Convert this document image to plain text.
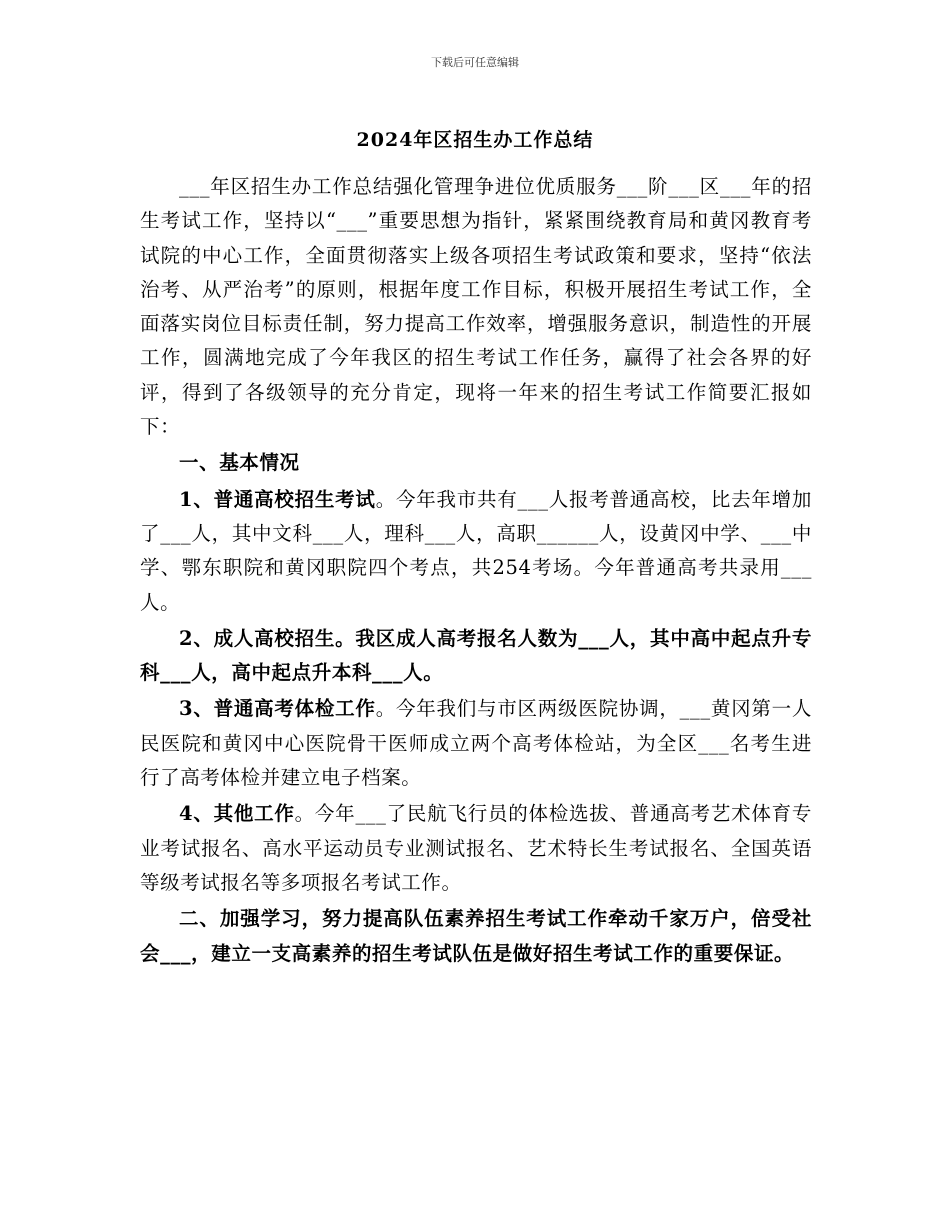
下载后可任意编辑
2024年区招生办工作总结

___年区招生办工作总结强化管理争进位优质服务___阶___区___年的招生考试工作，坚持以“___”重要思想为指针，紧紧围绕教育局和黄冈教育考试院的中心工作，全面贯彻落实上级各项招生考试政策和要求，坚持“依法治考、从严治考”的原则，根据年度工作目标，积极开展招生考试工作，全面落实岗位目标责任制，努力提高工作效率，增强服务意识，制造性的开展工作，圆满地完成了今年我区的招生考试工作任务，赢得了社会各界的好评，得到了各级领导的充分肯定，现将一年来的招生考试工作简要汇报如下：

一、基本情况

1、普通高校招生考试。今年我市共有___人报考普通高校，比去年增加了___人，其中文科___人，理科___人，高职______人，设黄冈中学、___中学、鄂东职院和黄冈职院四个考点，共254考场。今年普通高考共录用___人。

2、成人高校招生。我区成人高考报名人数为___人，其中高中起点升专科___人，高中起点升本科___人。

3、普通高考体检工作。今年我们与市区两级医院协调，___黄冈第一人民医院和黄冈中心医院骨干医师成立两个高考体检站，为全区___名考生进行了高考体检并建立电子档案。

4、其他工作。今年___了民航飞行员的体检选拔、普通高考艺术体育专业考试报名、高水平运动员专业测试报名、艺术特长生考试报名、全国英语等级考试报名等多项报名考试工作。

二、加强学习，努力提高队伍素养招生考试工作牵动千家万户，倍受社会___，建立一支高素养的招生考试队伍是做好招生考试工作的重要保证。
